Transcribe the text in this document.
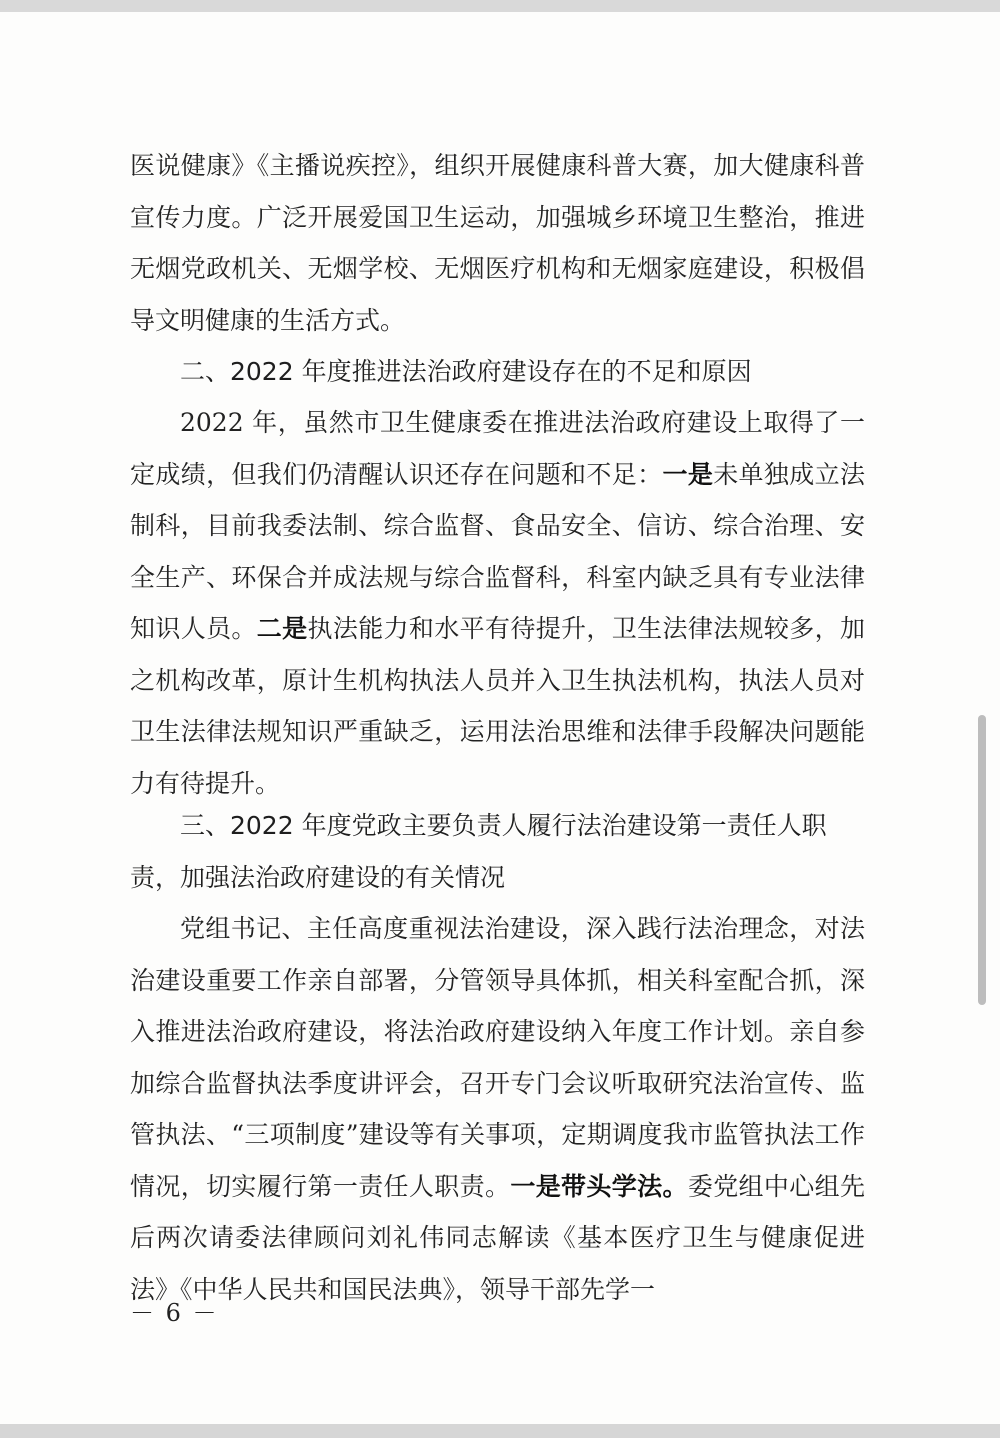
医说健康》《主播说疾控》，组织开展健康科普大赛，加大健康科普宣传力度。广泛开展爱国卫生运动，加强城乡环境卫生整治，推进无烟党政机关、无烟学校、无烟医疗机构和无烟家庭建设，积极倡导文明健康的生活方式。

二、2022 年度推进法治政府建设存在的不足和原因

2022 年，虽然市卫生健康委在推进法治政府建设上取得了一定成绩，但我们仍清醒认识还存在问题和不足：一是未单独成立法制科，目前我委法制、综合监督、食品安全、信访、综合治理、安全生产、环保合并成法规与综合监督科，科室内缺乏具有专业法律知识人员。二是执法能力和水平有待提升，卫生法律法规较多，加之机构改革，原计生机构执法人员并入卫生执法机构，执法人员对卫生法律法规知识严重缺乏，运用法治思维和法律手段解决问题能力有待提升。

三、2022 年度党政主要负责人履行法治建设第一责任人职责，加强法治政府建设的有关情况

党组书记、主任高度重视法治建设，深入践行法治理念，对法治建设重要工作亲自部署，分管领导具体抓，相关科室配合抓，深入推进法治政府建设，将法治政府建设纳入年度工作计划。亲自参加综合监督执法季度讲评会，召开专门会议听取研究法治宣传、监管执法、“三项制度”建设等有关事项，定期调度我市监管执法工作情况，切实履行第一责任人职责。一是带头学法。委党组中心组先后两次请委法律顾问刘礼伟同志解读《基本医疗卫生与健康促进法》《中华人民共和国民法典》，领导干部先学一

－ 6 －
